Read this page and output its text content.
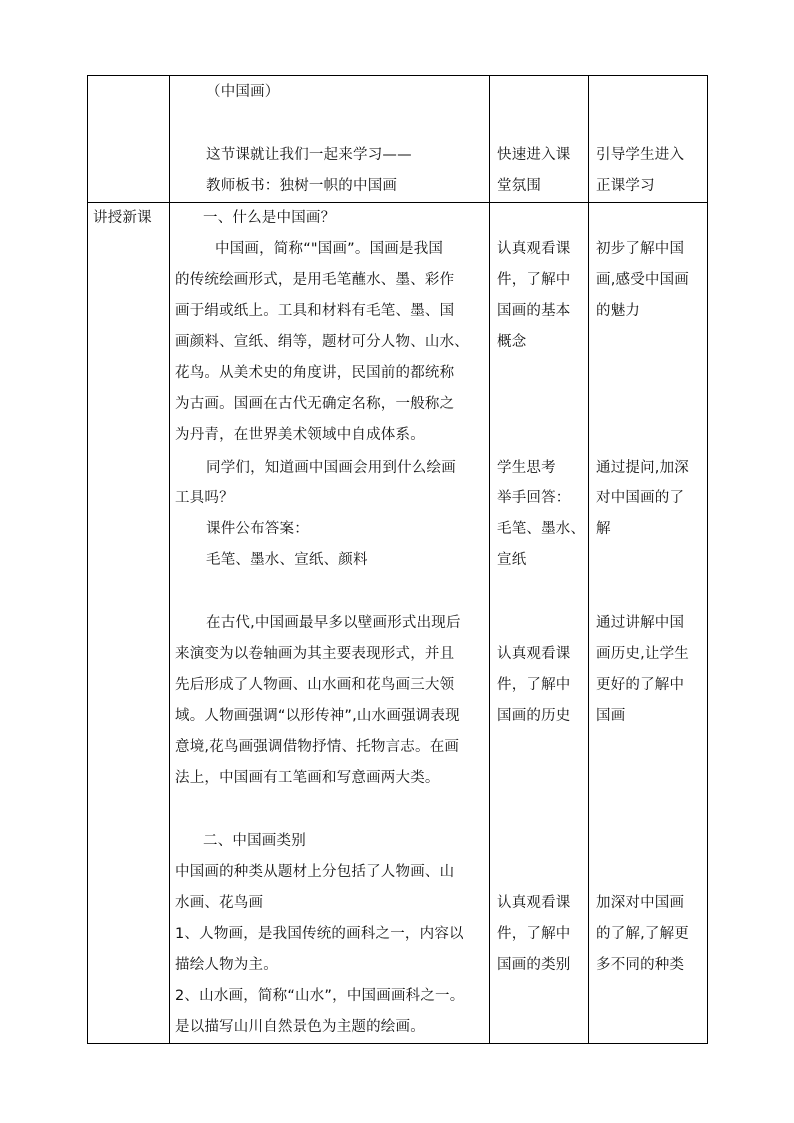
（中国画）
这节课就让我们一起来学习——
教师板书：独树一帜的中国画
快速进入课
堂氛围
引导学生进入
正课学习
讲授新课	一、什么是中国画？
中国画，简称“"国画”。国画是我国
的传统绘画形式，是用毛笔蘸水、墨、彩作
画于绢或纸上。工具和材料有毛笔、墨、国
画颜料、宣纸、绢等，题材可分人物、山水、
花鸟。从美术史的角度讲，民国前的都统称
为古画。国画在古代无确定名称，一般称之
为丹青，在世界美术领域中自成体系。
同学们，知道画中国画会用到什么绘画
工具吗？
课件公布答案：
毛笔、墨水、宣纸、颜料
在古代,中国画最早多以壁画形式出现后
来演变为以卷轴画为其主要表现形式，并且
先后形成了人物画、山水画和花鸟画三大领
域。人物画强调“以形传神”,山水画强调表现
意境,花鸟画强调借物抒情、托物言志。在画
法上，中国画有工笔画和写意画两大类。
二、中国画类别
中国画的种类从题材上分包括了人物画、山
水画、花鸟画
1、人物画，是我国传统的画科之一，内容以
描绘人物为主。
2、山水画，简称“山水”，中国画画科之一。
是以描写山川自然景色为主题的绘画。
认真观看课
件，了解中
国画的基本
概念
学生思考
举手回答：
毛笔、墨水、
宣纸
认真观看课
件，了解中
国画的历史
认真观看课
件，了解中
国画的类别
初步了解中国
画,感受中国画
的魅力
通过提问,加深
对中国画的了
解
通过讲解中国
画历史,让学生
更好的了解中
国画
加深对中国画
的了解,了解更
多不同的种类
